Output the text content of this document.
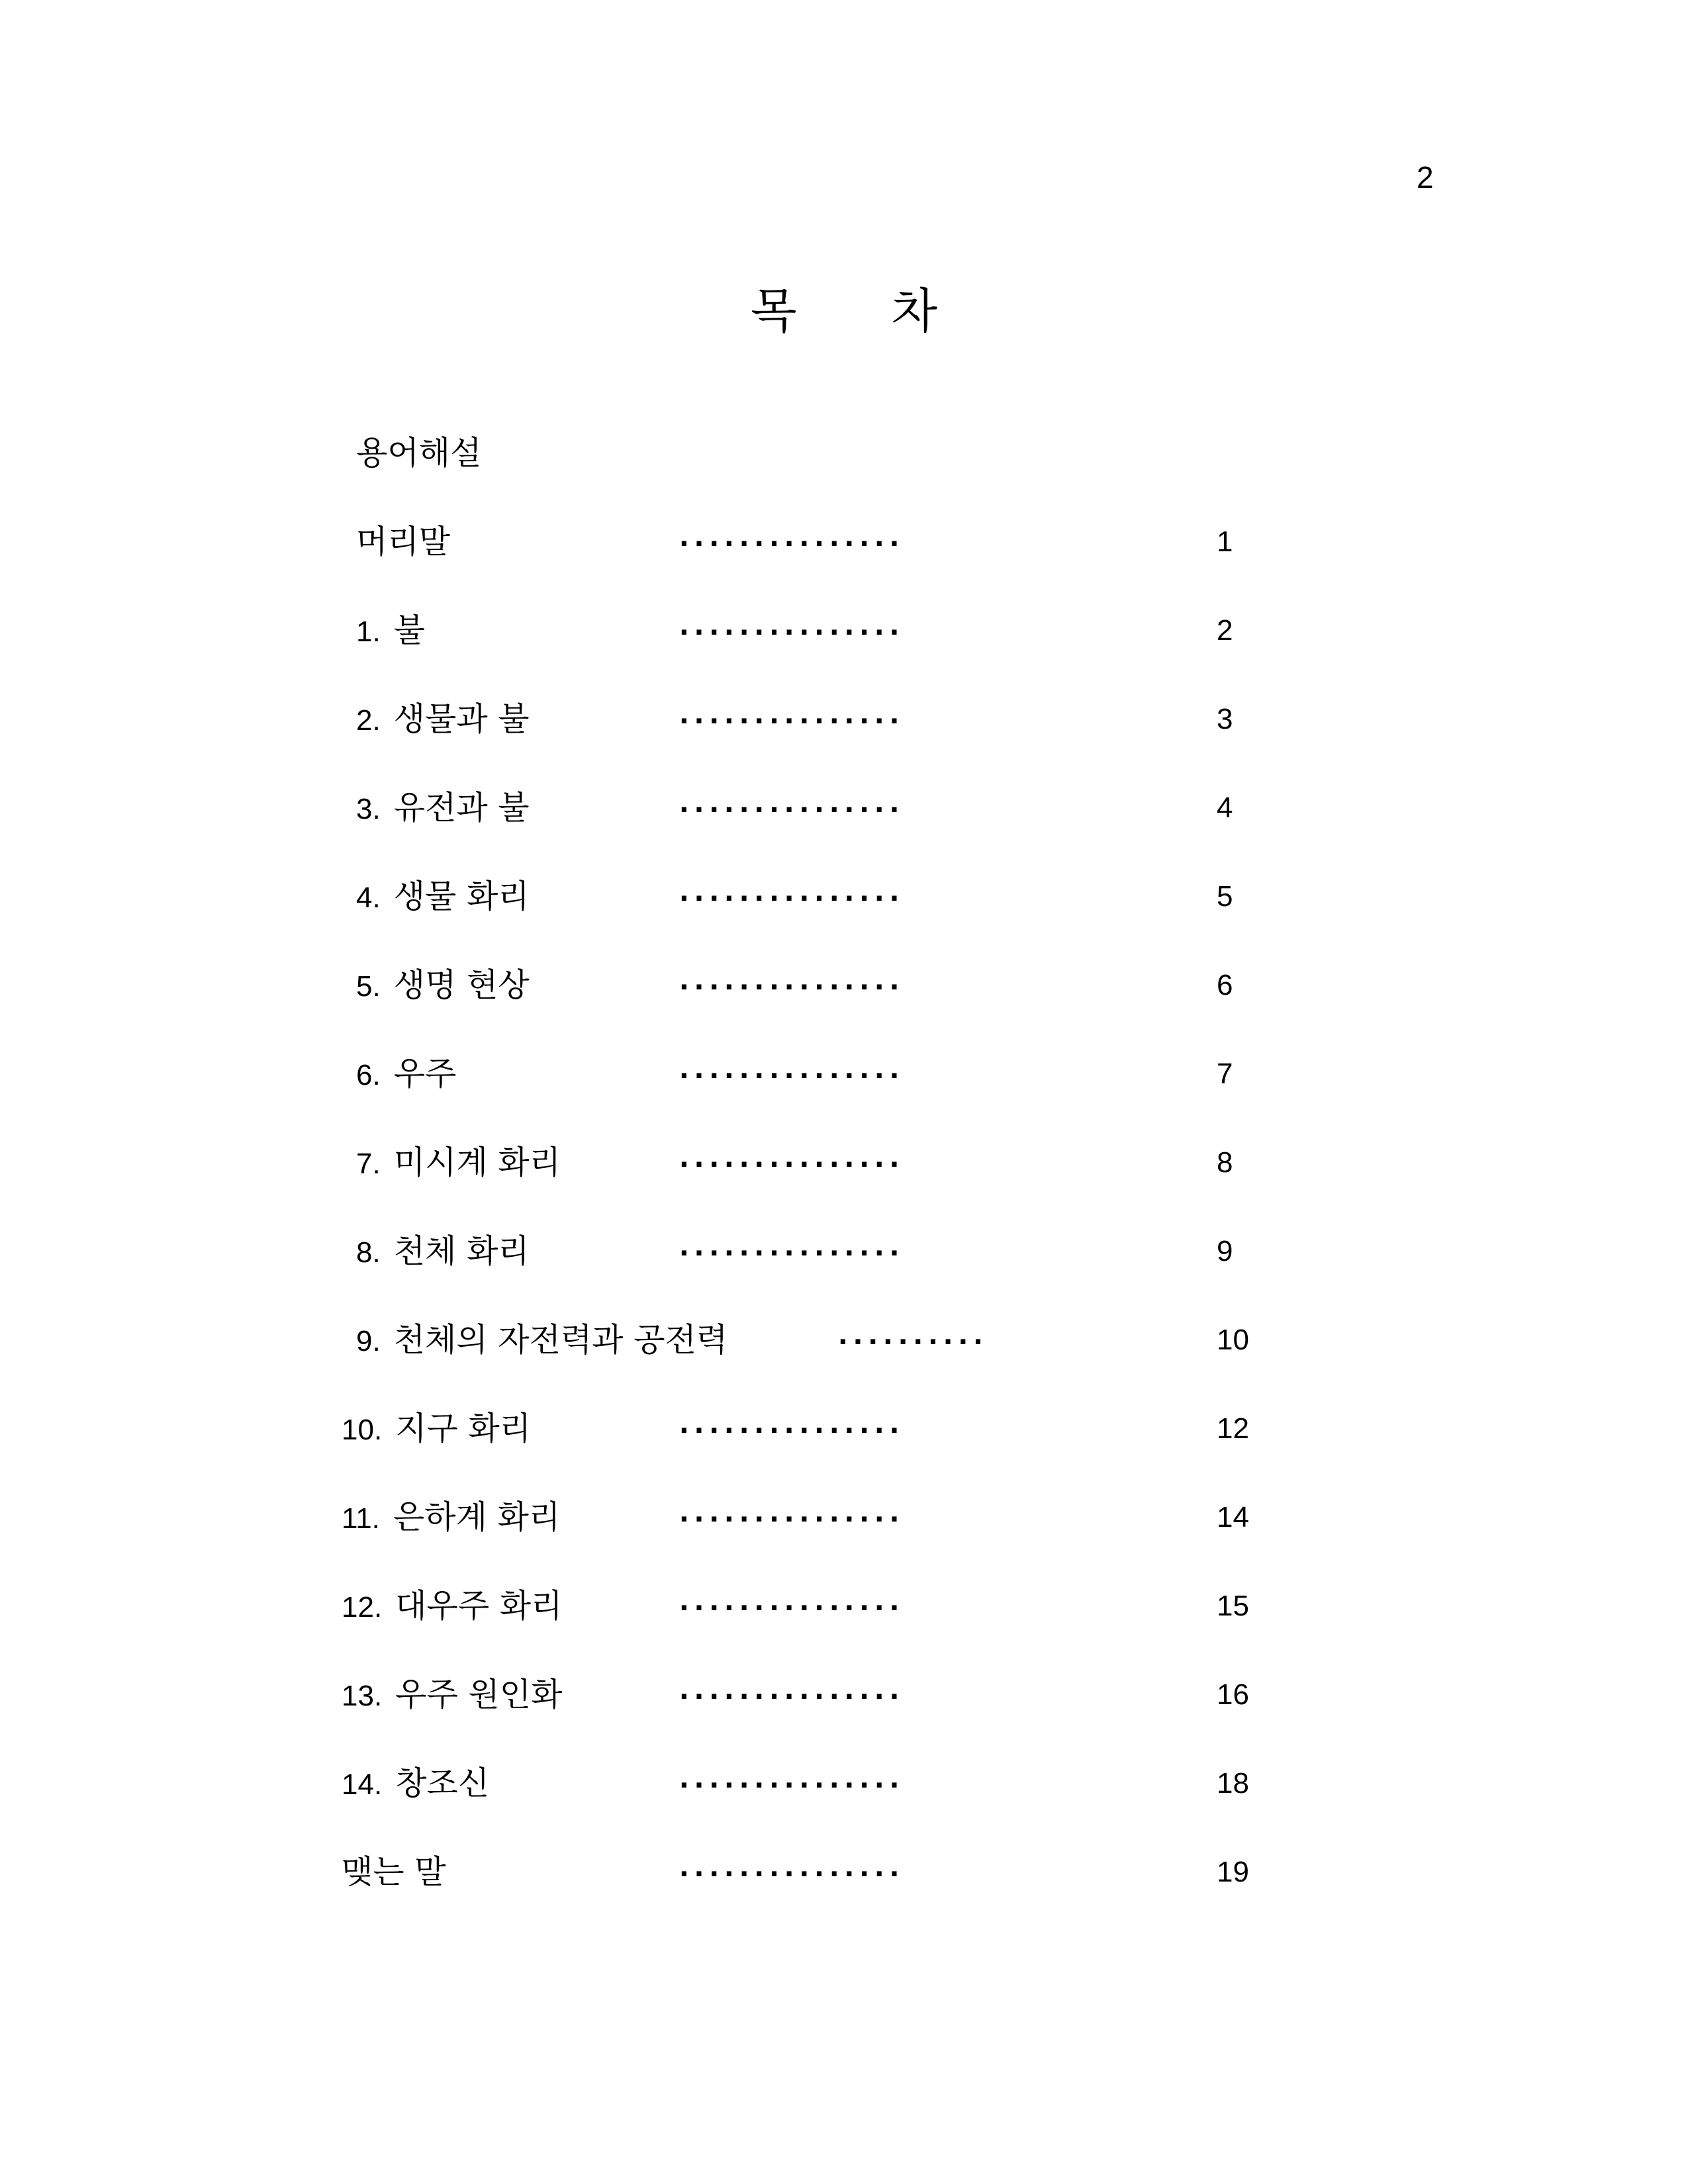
2
목 차
용어해설
머리말	· · · · · · · · · · · · · · ·	1
1. 불	· · · · · · · · · · · · · · ·	2
2. 생물과 불	· · · · · · · · · · · · · · ·	3
3. 유전과 불	· · · · · · · · · · · · · · ·	4
4. 생물 화리	· · · · · · · · · · · · · · ·	5
5. 생명 현상	· · · · · · · · · · · · · · ·	6
6. 우주	· · · · · · · · · · · · · · ·	7
7. 미시계 화리	· · · · · · · · · · · · · · ·	8
8. 천체 화리	· · · · · · · · · · · · · · ·	9
9. 천체의 자전력과 공전력	· · · · · · · · · ·	10
10. 지구 화리	· · · · · · · · · · · · · · ·	12
11. 은하계 화리	· · · · · · · · · · · · · · ·	14
12. 대우주 화리	· · · · · · · · · · · · · · ·	15
13. 우주 원인화	· · · · · · · · · · · · · · ·	16
14. 창조신	· · · · · · · · · · · · · · ·	18
맺는 말	· · · · · · · · · · · · · · ·	19
